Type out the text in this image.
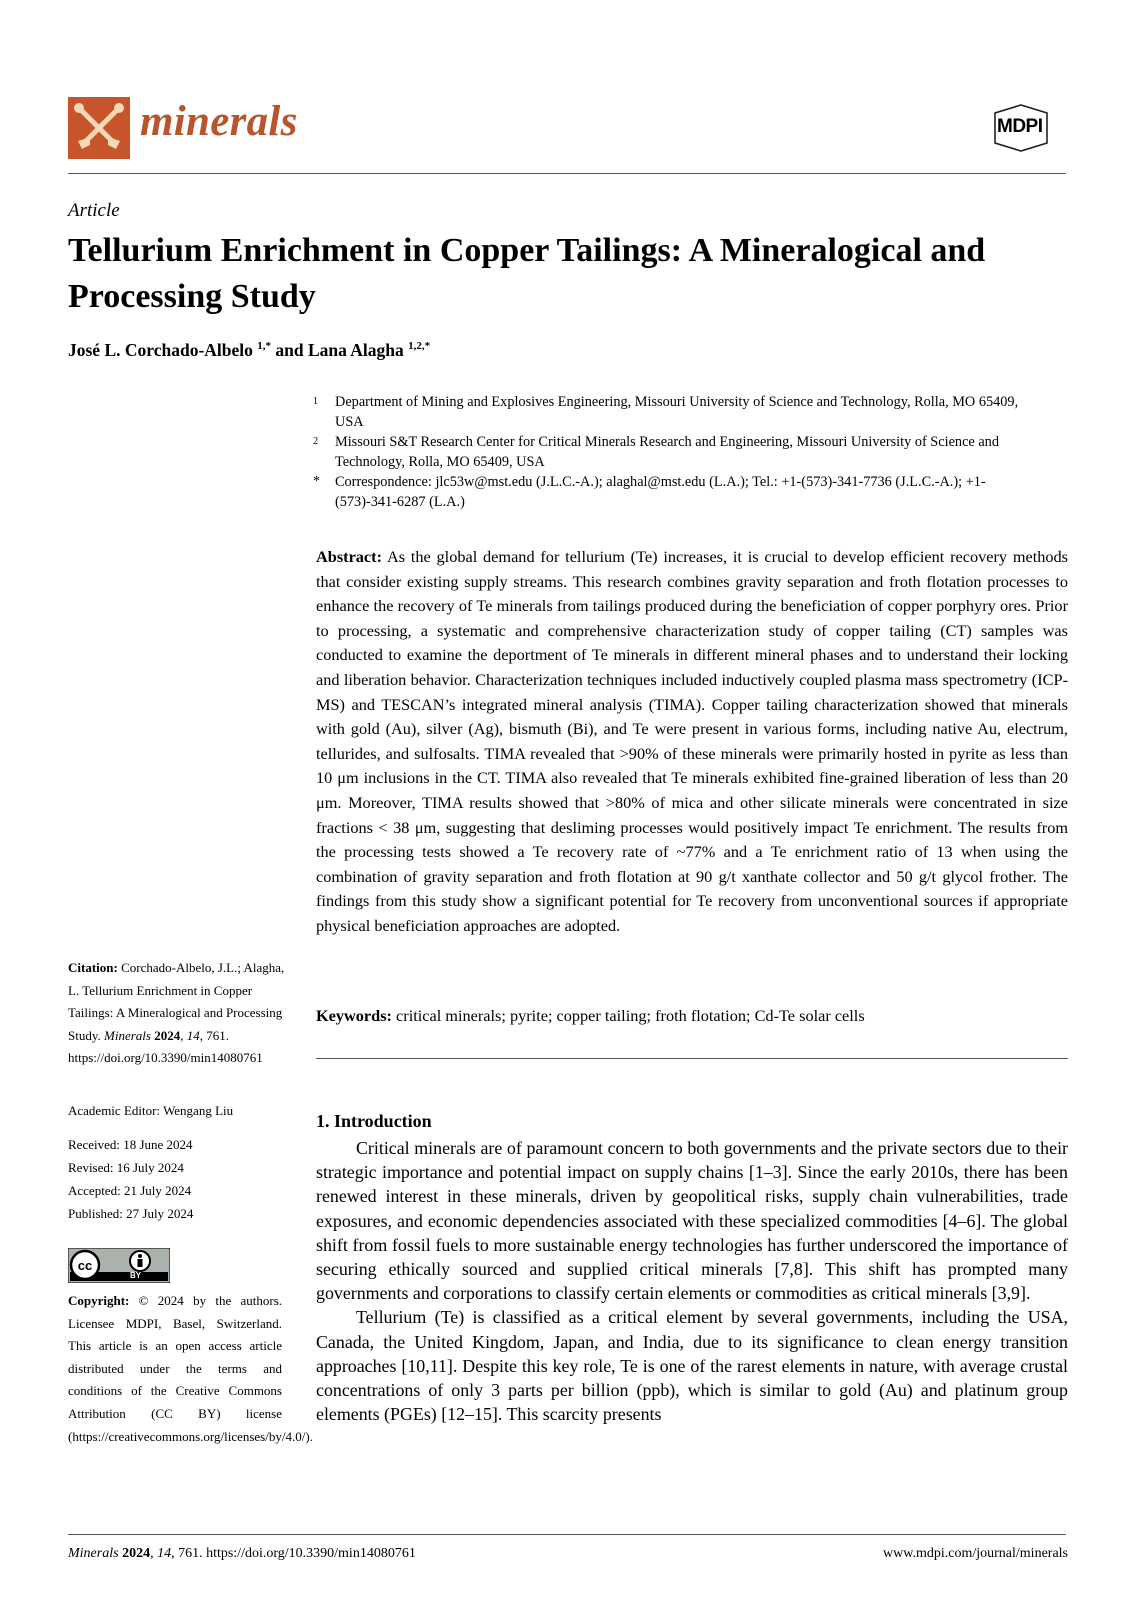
minerals	MDPI
Article
Tellurium Enrichment in Copper Tailings: A Mineralogical and Processing Study
José L. Corchado-Albelo $^{1,*}$ and Lana Alagha $^{1,2,*}$
1 Department of Mining and Explosives Engineering, Missouri University of Science and Technology, Rolla, MO 65409, USA
2 Missouri S&T Research Center for Critical Minerals Research and Engineering, Missouri University of Science and Technology, Rolla, MO 65409, USA
* Correspondence: jlc53w@mst.edu (J.L.C.-A.); alaghal@mst.edu (L.A.); Tel.: +1-(573)-341-7736 (J.L.C.-A.); +1-(573)-341-6287 (L.A.)
Abstract: As the global demand for tellurium (Te) increases, it is crucial to develop efficient recovery methods that consider existing supply streams. This research combines gravity separation and froth flotation processes to enhance the recovery of Te minerals from tailings produced during the beneficiation of copper porphyry ores. Prior to processing, a systematic and comprehensive characterization study of copper tailing (CT) samples was conducted to examine the deportment of Te minerals in different mineral phases and to understand their locking and liberation behavior. Characterization techniques included inductively coupled plasma mass spectrometry (ICP-MS) and TESCAN’s integrated mineral analysis (TIMA). Copper tailing characterization showed that minerals with gold (Au), silver (Ag), bismuth (Bi), and Te were present in various forms, including native Au, electrum, tellurides, and sulfosalts. TIMA revealed that >90% of these minerals were primarily hosted in pyrite as less than 10 μm inclusions in the CT. TIMA also revealed that Te minerals exhibited fine-grained liberation of less than 20 μm. Moreover, TIMA results showed that >80% of mica and other silicate minerals were concentrated in size fractions < 38 μm, suggesting that desliming processes would positively impact Te enrichment. The results from the processing tests showed a Te recovery rate of ~77% and a Te enrichment ratio of 13 when using the combination of gravity separation and froth flotation at 90 g/t xanthate collector and 50 g/t glycol frother. The findings from this study show a significant potential for Te recovery from unconventional sources if appropriate physical beneficiation approaches are adopted.
Keywords: critical minerals; pyrite; copper tailing; froth flotation; Cd-Te solar cells
Citation: Corchado-Albelo, J.L.; Alagha, L. Tellurium Enrichment in Copper Tailings: A Mineralogical and Processing Study. Minerals 2024, 14, 761. https://doi.org/10.3390/min14080761
Academic Editor: Wengang Liu
Received: 18 June 2024
Revised: 16 July 2024
Accepted: 21 July 2024
Published: 27 July 2024
cc
BY
Copyright: © 2024 by the authors. Licensee MDPI, Basel, Switzerland. This article is an open access article distributed under the terms and conditions of the Creative Commons Attribution (CC BY) license (https://creativecommons.org/licenses/by/4.0/).
1. Introduction

Critical minerals are of paramount concern to both governments and the private sectors due to their strategic importance and potential impact on supply chains [1–3]. Since the early 2010s, there has been renewed interest in these minerals, driven by geopolitical risks, supply chain vulnerabilities, trade exposures, and economic dependencies associated with these specialized commodities [4–6]. The global shift from fossil fuels to more sustainable energy technologies has further underscored the importance of securing ethically sourced and supplied critical minerals [7,8]. This shift has prompted many governments and corporations to classify certain elements or commodities as critical minerals [3,9].

Tellurium (Te) is classified as a critical element by several governments, including the USA, Canada, the United Kingdom, Japan, and India, due to its significance to clean energy transition approaches [10,11]. Despite this key role, Te is one of the rarest elements in nature, with average crustal concentrations of only 3 parts per billion (ppb), which is similar to gold (Au) and platinum group elements (PGEs) [12–15]. This scarcity presents

Minerals 2024, 14, 761. https://doi.org/10.3390/min14080761	www.mdpi.com/journal/minerals
